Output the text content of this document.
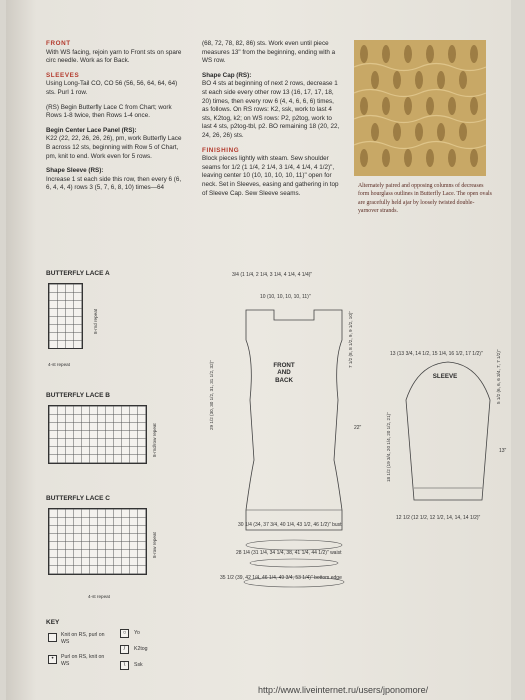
FRONT

With WS facing, rejoin yarn to Front sts on spare circ needle. Work as for Back.

SLEEVES

Using Long-Tail CO, CO 56 (56, 56, 64, 64, 64) sts. Purl 1 row.

(RS) Begin Butterfly Lace C from Chart; work Rows 1-8 twice, then Rows 1-4 once.

Begin Center Lace Panel (RS):

K22 (22, 22, 26, 26, 26), pm, work Butterfly Lace B across 12 sts, beginning with Row 5 of Chart, pm, knit to end. Work even for 5 rows.

Shape Sleeve (RS):

Increase 1 st each side this row, then every 6 (6, 6, 4, 4, 4) rows 3 (5, 7, 6, 8, 10) times—64

(68, 72, 78, 82, 86) sts. Work even until piece measures 13" from the beginning, ending with a WS row.

Shape Cap (RS):

BO 4 sts at beginning of next 2 rows, decrease 1 st each side every other row 13 (16, 17, 17, 18, 20) times, then every row 6 (4, 4, 6, 6, 6) times, as follows. On RS rows: K2, ssk, work to last 4 sts, K2tog, k2; on WS rows: P2, p2tog, work to last 4 sts, p2tog-tbl, p2. BO remaining 18 (20, 22, 24, 26, 26) sts.

FINISHING

Block pieces lightly with steam. Sew shoulder seams for 1/2 (1 1/4, 2 1/4, 3 1/4, 4 1/4, 4 1/2)", leaving center 10 (10, 10, 10, 10, 11)" open for neck. Set in Sleeves, easing and gathering in top of Sleeve Cap. Sew Sleeve seams.

Alternately paired and opposing columns of decreases form hourglass outlines in Butterfly Lace. The open ovals are gracefully held ajar by loosely twisted double-yarnover strands.
BUTTERFLY LACE A
8-rnd repeat
4-st repeat
BUTTERFLY LACE B
8-rnd/row repeat
BUTTERFLY LACE C
8-row repeat
4-st repeat
KEY
Knit on RS, purl on WS
•	Purl on RS, knit on WS
○	Yo
/	K2tog
\	Ssk
3/4 (1 1/4, 2 1/4, 3 1/4, 4 1/4, 4 1/4)"
10 (10, 10, 10, 10, 11)"
FRONT AND BACK
7 1/2 (8, 8 1/2, 9, 9 1/2, 10)"
29 1/2 (30, 30 1/2, 31, 31 1/2, 32)"	22"
30 1/4 (34, 37 3/4, 40 1/4, 43 1/2, 46 1/2)" bust
28 1/4 (31 1/4, 34 1/4, 38, 41 1/4, 44 1/2)" waist
35 1/2 (39, 42 1/4, 46 1/4, 49 3/4, 53 1/4)" bottom edge
13 (13 3/4, 14 1/2, 15 1/4, 16 1/2, 17 1/2)"
SLEEVE	5 1/2 (6, 6, 6 3/4, 7, 7 1/2)"
13"
18 1/2 (19 3/4, 20 1/4, 20 1/2, 21)"
12 1/2 (12 1/2, 12 1/2, 14, 14, 14 1/2)"
http://www.liveinternet.ru/users/jponomore/
